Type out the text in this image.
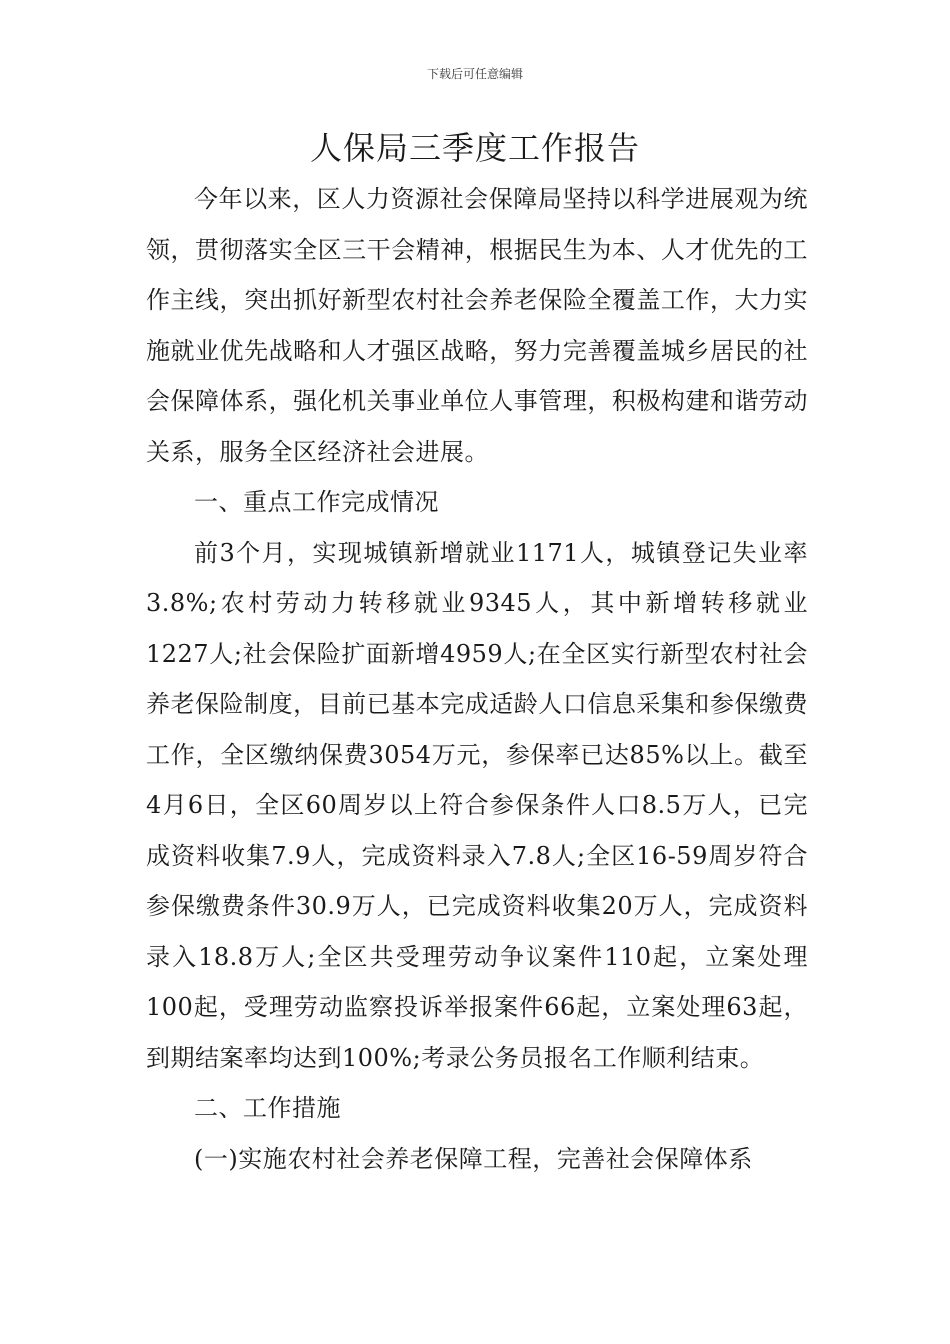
下载后可任意编辑
人保局三季度工作报告

今年以来，区人力资源社会保障局坚持以科学进展观为统领，贯彻落实全区三干会精神，根据民生为本、人才优先的工作主线，突出抓好新型农村社会养老保险全覆盖工作，大力实施就业优先战略和人才强区战略，努力完善覆盖城乡居民的社会保障体系，强化机关事业单位人事管理，积极构建和谐劳动关系，服务全区经济社会进展。

一、重点工作完成情况

前3个月，实现城镇新增就业1171人，城镇登记失业率3.8%;农村劳动力转移就业9345人，其中新增转移就业1227人;社会保险扩面新增4959人;在全区实行新型农村社会养老保险制度，目前已基本完成适龄人口信息采集和参保缴费工作，全区缴纳保费3054万元，参保率已达85%以上。截至4月6日，全区60周岁以上符合参保条件人口8.5万人，已完成资料收集7.9人，完成资料录入7.8人;全区16-59周岁符合参保缴费条件30.9万人，已完成资料收集20万人，完成资料录入18.8万人;全区共受理劳动争议案件110起，立案处理100起，受理劳动监察投诉举报案件66起，立案处理63起，到期结案率均达到100%;考录公务员报名工作顺利结束。

二、工作措施

(一)实施农村社会养老保障工程，完善社会保障体系
